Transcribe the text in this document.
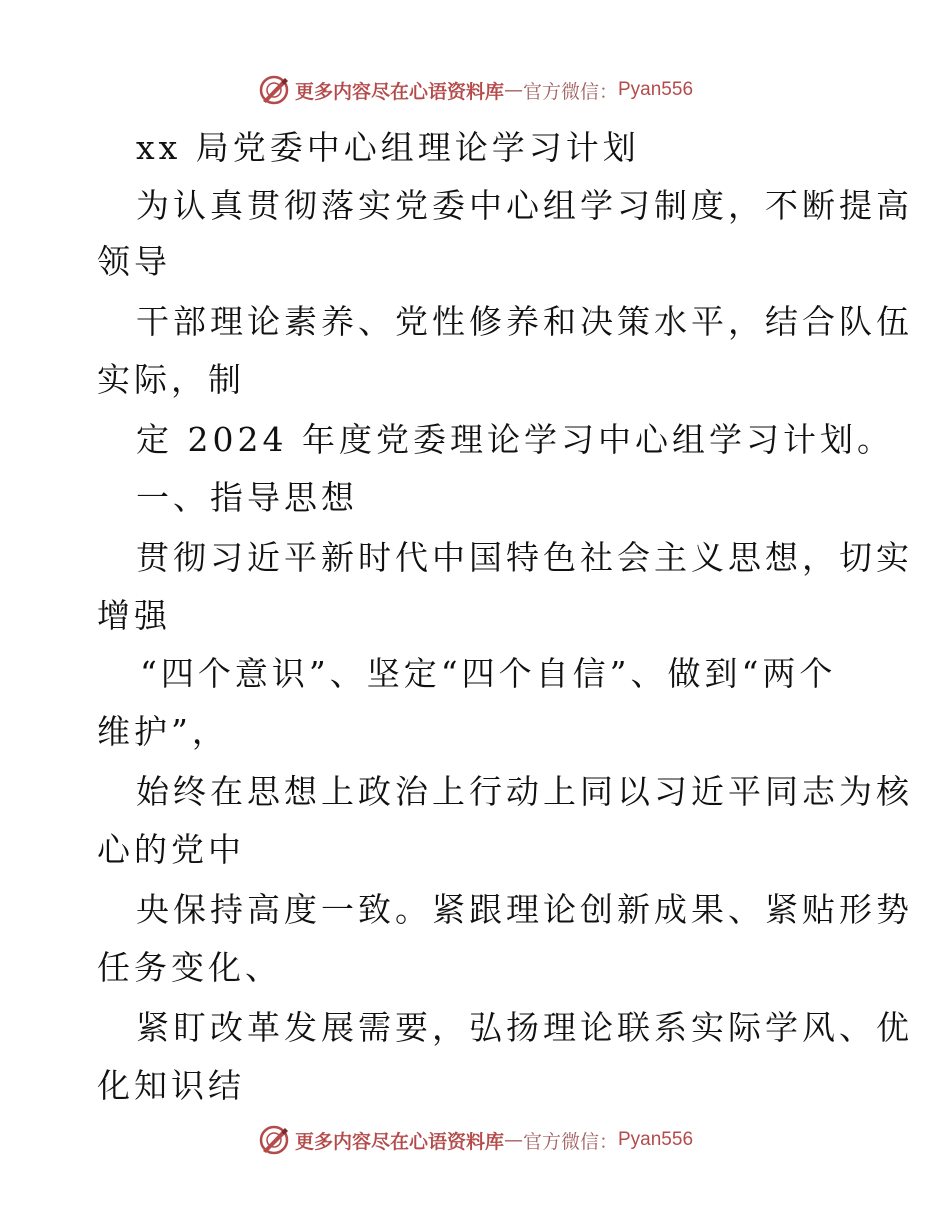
更多内容尽在心语资料库 — 官方微信： Pyan556
xx 局党委中心组理论学习计划
为认真贯彻落实党委中心组学习制度，不断提高
领导
干部理论素养、党性修养和决策水平，结合队伍
实际，制
定 2024 年度党委理论学习中心组学习计划。
一、指导思想
贯彻习近平新时代中国特色社会主义思想，切实
增强
“四个意识”、坚定“四个自信”、做到“两个
维护”，
始终在思想上政治上行动上同以习近平同志为核
心的党中
央保持高度一致。紧跟理论创新成果、紧贴形势
任务变化、
紧盯改革发展需要，弘扬理论联系实际学风、优
化知识结
更多内容尽在心语资料库 — 官方微信： Pyan556
